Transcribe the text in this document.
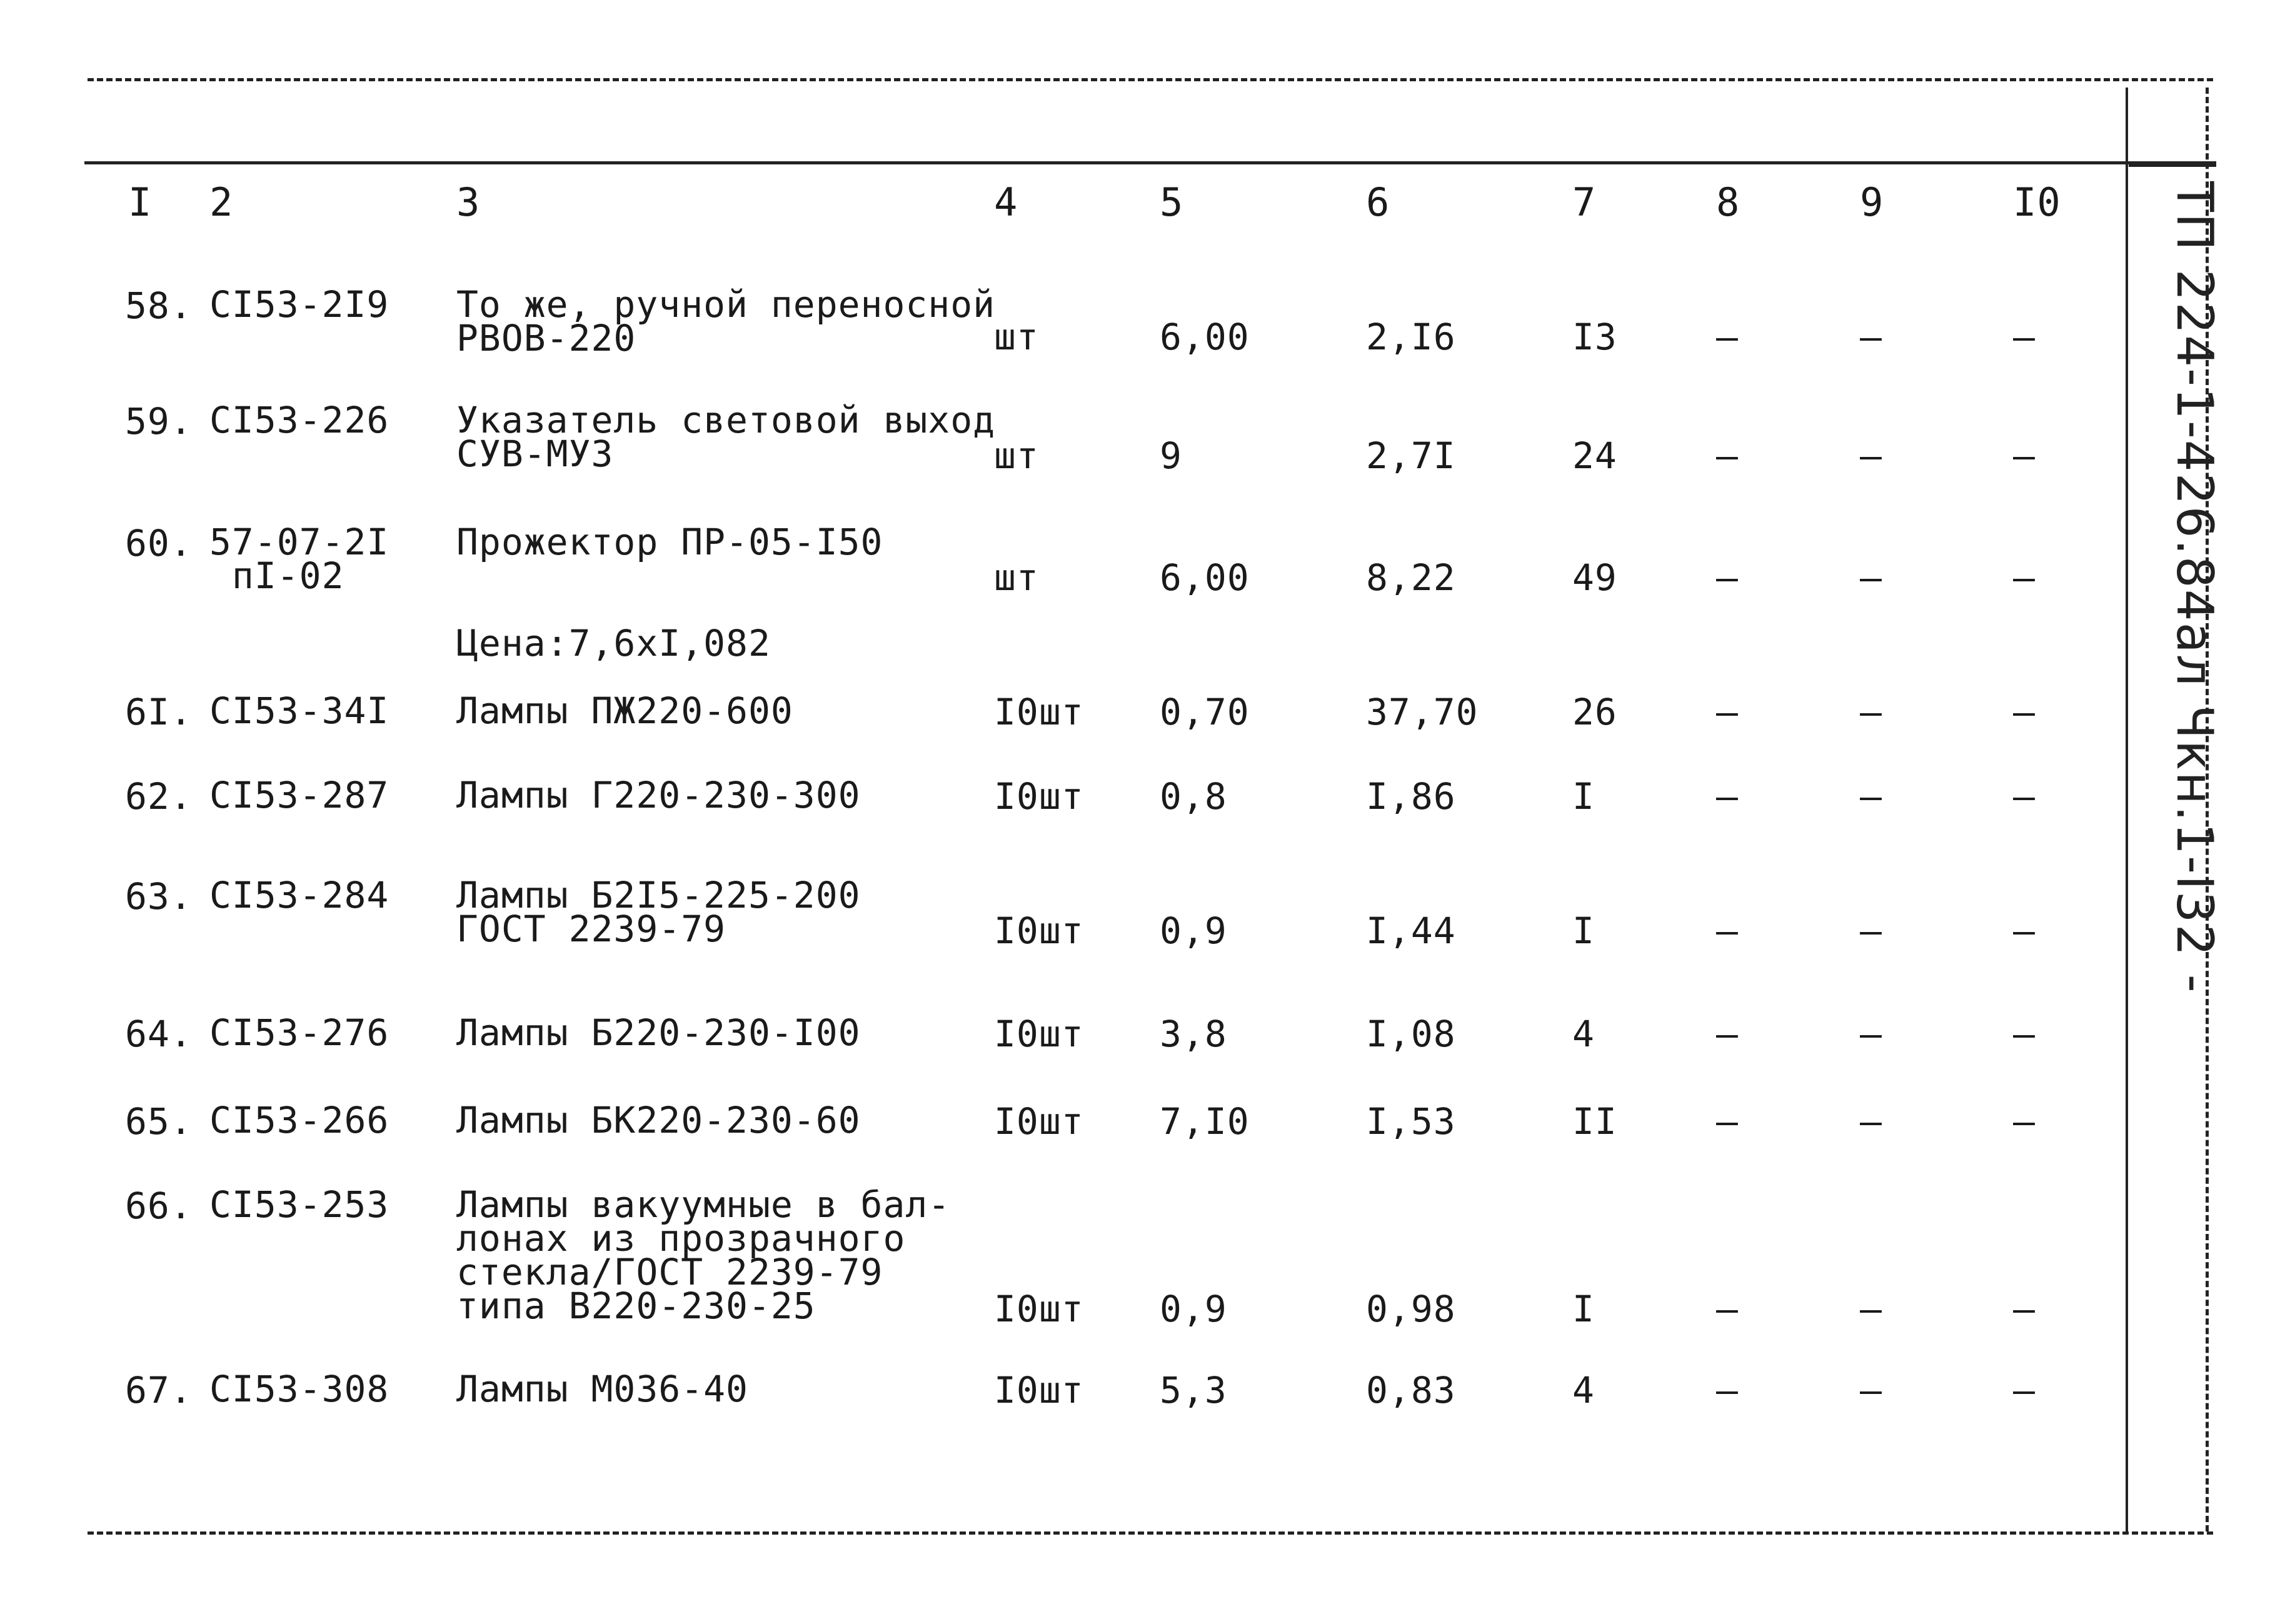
I 2	3	4	5	6	7	8	9	I0
58. CI53-2I9 То же, ручной переносной
РВОВ-220	шт	6,00	2,I6	I3	–	–	–
59. CI53-226 Указатель световой выход
СУВ-МУЗ	шт	9	2,7I	24	–	–	–
60. 57-07-2I
пI-02
Прожектор ПР-05-I50
шт	6,00	8,22	49	–	–	–
Цена:7,6хI,082
6I. CI53-34I Лампы ПЖ220-600	I0шт 0,70	37,70	26	–	–	–
62. CI53-287 Лампы Г220-230-300	I0шт 0,8	I,86	I	–	–	–
63. CI53-284 Лампы Б2I5-225-200
ГОСТ 2239-79	I0шт 0,9	I,44	I	–	–	–
64. CI53-276 Лампы Б220-230-I00	I0шт 3,8	I,08	4	–	–	–
65. CI53-266 Лампы БК220-230-60	I0шт 7,I0	I,53	II	–	–	–
66. CI53-253 Лампы вакуумные в бал-
лонах из прозрачного
стекла/ГОСТ 2239-79
типа В220-230-25	I0шт 0,9	0,98	I	–	–	–
67. CI53-308 Лампы М036-40	I0шт 5,3	0,83	4	–	–	–
ТП 224-1-426.84ал Чкн.1-I32 -
